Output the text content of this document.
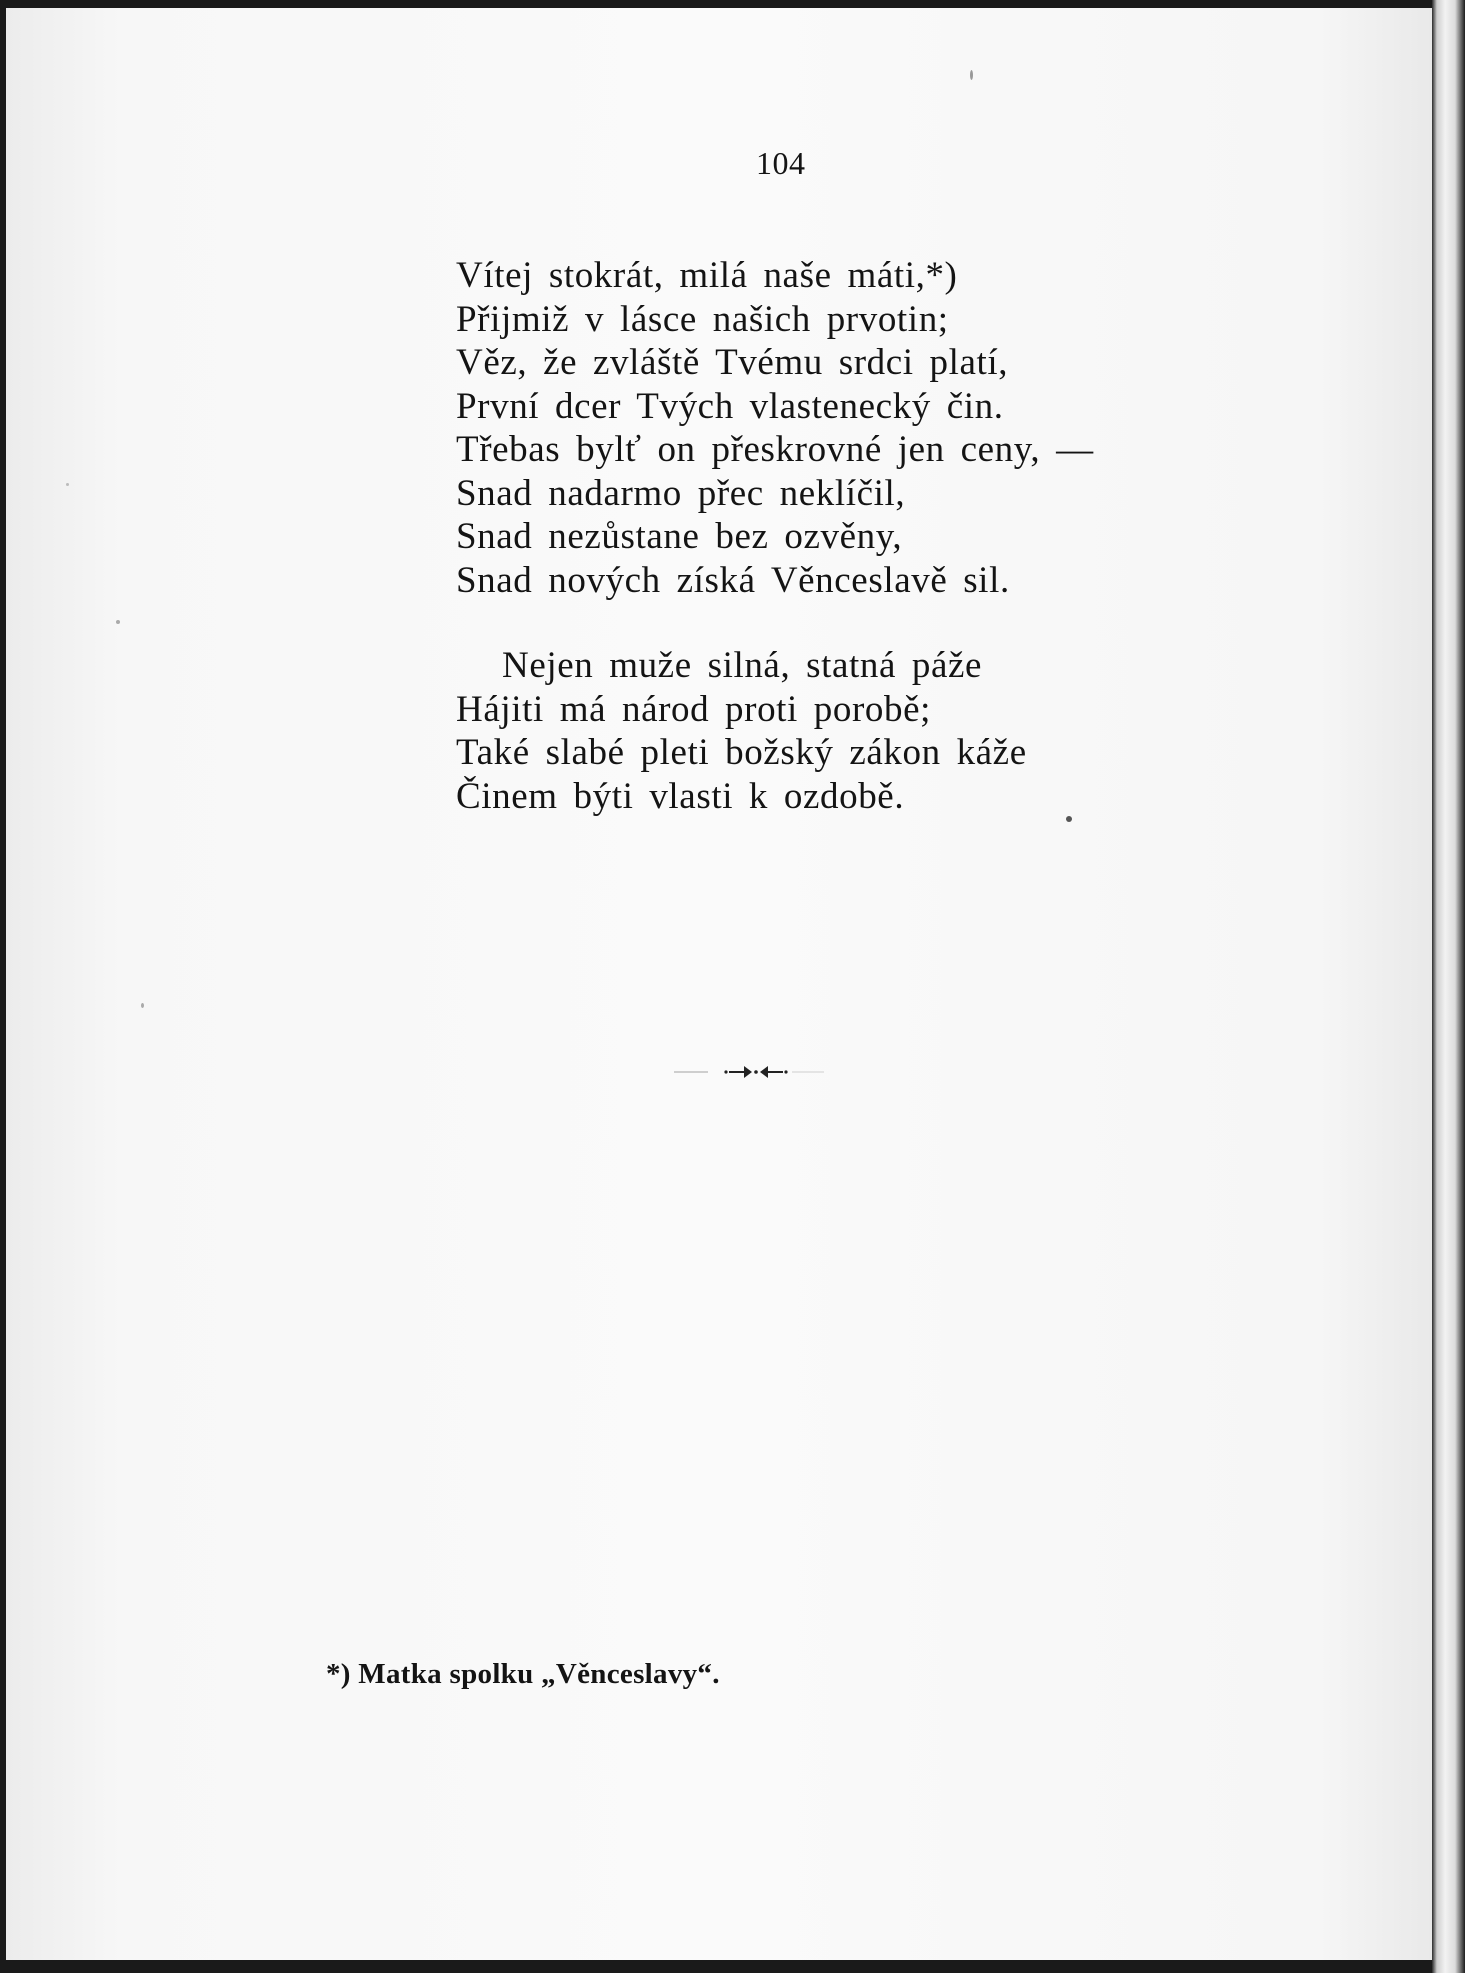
104
Vítej stokrát, milá naše máti,*)
Přijmiž v lásce našich prvotin;
Věz, že zvláště Tvému srdci platí,
První dcer Tvých vlastenecký čin.
Třebas bylť on přeskrovné jen ceny, —
Snad nadarmo přec neklíčil,
Snad nezůstane bez ozvěny,
Snad nových získá Věnceslavě sil.
Nejen muže silná, statná páže
Hájiti má národ proti porobě;
Také slabé pleti božský zákon káže
Činem býti vlasti k ozdobě.
*) Matka spolku „Věnceslavy“.
